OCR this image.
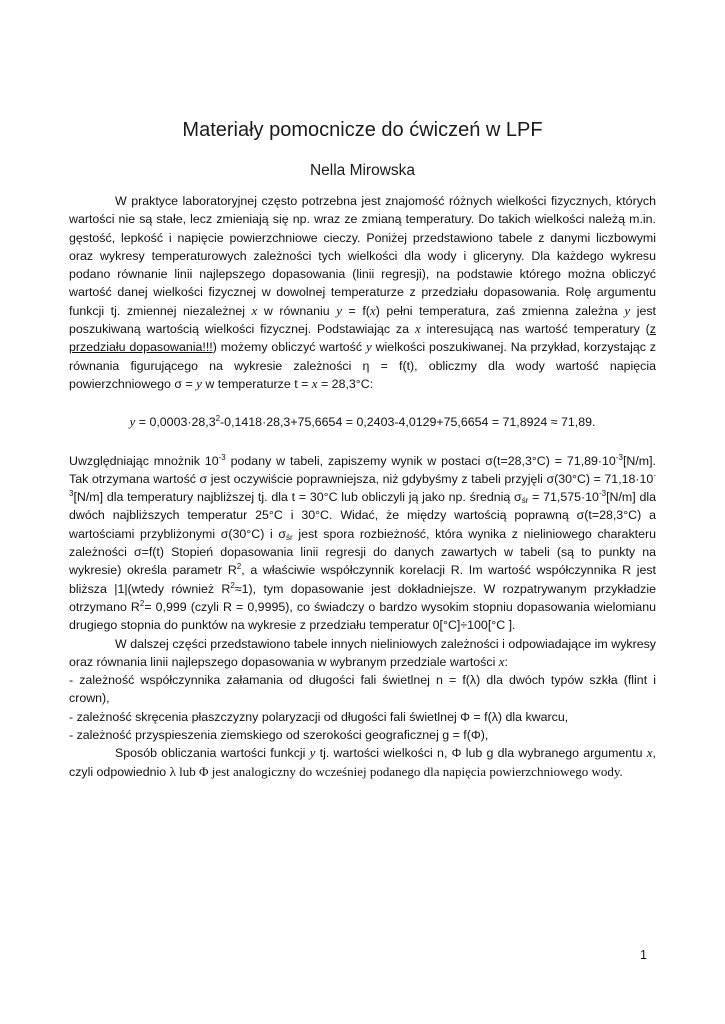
Materiały pomocnicze do ćwiczeń w LPF
Nella Mirowska

W praktyce laboratoryjnej często potrzebna jest znajomość różnych wielkości fizycznych, których wartości nie są stałe, lecz zmieniają się np. wraz ze zmianą temperatury. Do takich wielkości należą m.in. gęstość, lepkość i napięcie powierzchniowe cieczy. Poniżej przedstawiono tabele z danymi liczbowymi oraz wykresy temperaturowych zależności tych wielkości dla wody i gliceryny. Dla każdego wykresu podano równanie linii najlepszego dopasowania (linii regresji), na podstawie którego można obliczyć wartość danej wielkości fizycznej w dowolnej temperaturze z przedziału dopasowania. Rolę argumentu funkcji tj. zmiennej niezależnej x w równaniu y = f(x) pełni temperatura, zaś zmienna zależna y jest poszukiwaną wartością wielkości fizycznej. Podstawiając za x interesującą nas wartość temperatury (z przedziału dopasowania!!!) możemy obliczyć wartość y wielkości poszukiwanej. Na przykład, korzystając z równania figurującego na wykresie zależności η = f(t), obliczmy dla wody wartość napięcia powierzchniowego σ = y w temperaturze t = x = 28,3°C:

$y = 0,0003\cdot 28,3^2-0,1418\cdot 28,3+75,6654 = 0,2403-4,0129+75,6654 = 71,8924 \approx 71,89$.

Uwzględniając mnożnik $10^{-3}$ podany w tabeli, zapiszemy wynik w postaci $\sigma(t=28,3^\circ C) = 71,89\cdot 10^{-3}[N/m]$. Tak otrzymana wartość σ jest oczywiście poprawniejsza, niż gdybyśmy z tabeli przyjęli $\sigma(30^\circ C) = 71,18\cdot 10^{-3}[N/m]$ dla temperatury najbliższej tj. dla t = 30°C lub obliczyli ją jako np. średnią $\sigma_{śr} = 71,575\cdot 10^{-3}[N/m]$ dla dwóch najbliższych temperatur 25°C i 30°C. Widać, że między wartością poprawną σ(t=28,3°C) a wartościami przybliżonymi σ(30°C) i $\sigma_{śr}$ jest spora rozbieżność, która wynika z nieliniowego charakteru zależności σ=f(t) Stopień dopasowania linii regresji do danych zawartych w tabeli (są to punkty na wykresie) określa parametr $R^2$, a właściwie współczynnik korelacji R. Im wartość współczynnika R jest bliższa |1|(wtedy również $R^2\approx 1$), tym dopasowanie jest dokładniejsze. W rozpatrywanym przykładzie otrzymano $R^2= 0,999$ (czyli R = 0,9995), co świadczy o bardzo wysokim stopniu dopasowania wielomianu drugiego stopnia do punktów na wykresie z przedziału temperatur 0[°C]÷100[°C ].

W dalszej części przedstawiono tabele innych nieliniowych zależności i odpowiadające im wykresy oraz równania linii najlepszego dopasowania w wybranym przedziale wartości x:

- zależność współczynnika załamania od długości fali świetlnej n = f(λ) dla dwóch typów szkła (flint i crown),

- zależność skręcenia płaszczyzny polaryzacji od długości fali świetlnej Φ = f(λ) dla kwarcu,

- zależność przyspieszenia ziemskiego od szerokości geograficznej g = f(Φ),

Sposób obliczania wartości funkcji y tj. wartości wielkości n, Φ lub g dla wybranego argumentu x, czyli odpowiednio λ lub Φ jest analogiczny do wcześniej podanego dla napięcia powierzchniowego wody.

1
